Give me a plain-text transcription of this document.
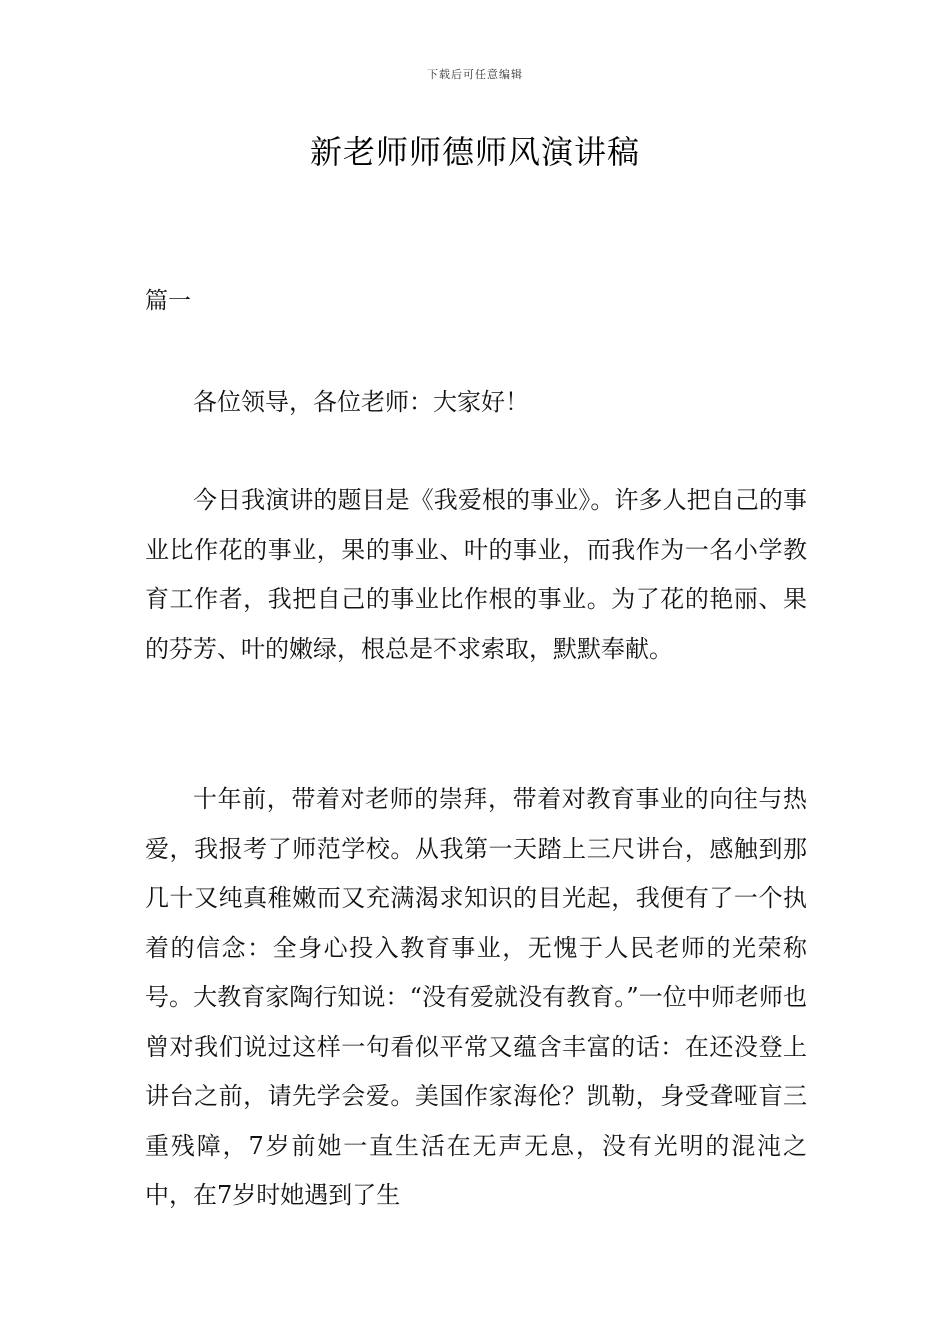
下载后可任意编辑
新老师师德师风演讲稿
篇一

各位领导，各位老师：大家好！

今日我演讲的题目是《我爱根的事业》。许多人把自己的事业比作花的事业，果的事业、叶的事业，而我作为一名小学教育工作者，我把自己的事业比作根的事业。为了花的艳丽、果的芬芳、叶的嫩绿，根总是不求索取，默默奉献。

十年前，带着对老师的崇拜，带着对教育事业的向往与热爱，我报考了师范学校。从我第一天踏上三尺讲台，感触到那几十又纯真稚嫩而又充满渴求知识的目光起，我便有了一个执着的信念：全身心投入教育事业，无愧于人民老师的光荣称号。大教育家陶行知说：“没有爱就没有教育。”一位中师老师也曾对我们说过这样一句看似平常又蕴含丰富的话：在还没登上讲台之前，请先学会爱。美国作家海伦？凯勒，身受聋哑盲三重残障，7岁前她一直生活在无声无息，没有光明的混沌之中，在7岁时她遇到了生
